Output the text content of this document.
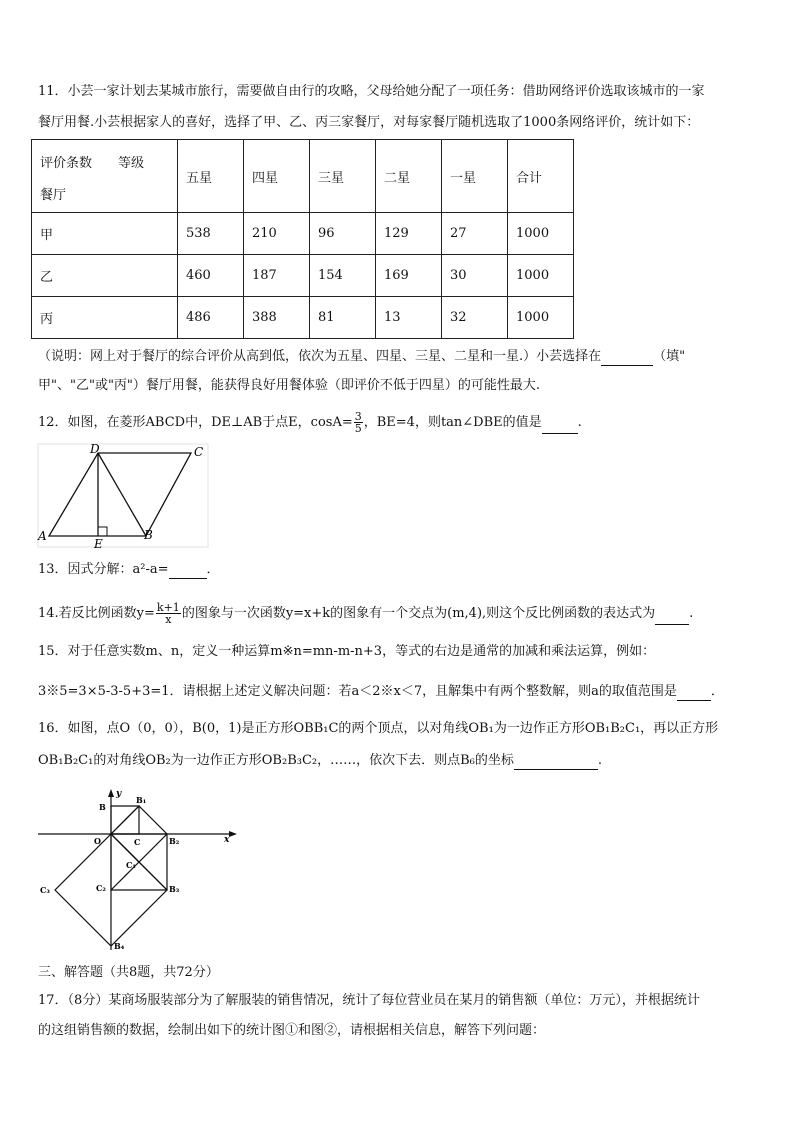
11．小芸一家计划去某城市旅行，需要做自由行的攻略，父母给她分配了一项任务：借助网络评价选取该城市的一家
餐厅用餐.小芸根据家人的喜好，选择了甲、乙、丙三家餐厅，对每家餐厅随机选取了1000条网络评价，统计如下：
评价条数　　等级
餐厅	五星	四星	三星	二星	一星	合计
甲	538	210	96	129	27	1000
乙	460	187	154	169	30	1000
丙	486	388	81	13	32	1000
（说明：网上对于餐厅的综合评价从高到低，依次为五星、四星、三星、二星和一星.）小芸选择在	（填"
甲"、"乙"或"丙"）餐厅用餐，能获得良好用餐体验（即评价不低于四星）的可能性最大.
12．如图，在菱形ABCD中，DE⊥AB于点E，$\cos A= \frac{3}{5}$ ，BE=4，则tan∠DBE的值是	.
D	C
A	B
E
13．因式分解：a²-a=	．
14.若反比例函数$y= \frac{k+1}{x}$ 的图象与一次函数y=x+k的图象有一个交点为(m,4),则这个反比例函数的表达式为	.
15．对于任意实数m、n，定义一种运算m※n=mn-m-n+3，等式的右边是通常的加减和乘法运算，例如：
3※5=3×5-3-5+3=1．请根据上述定义解决问题：若a＜2※x＜7，且解集中有两个整数解，则a的取值范围是	．
16．如图，点O（0，0），B(0，1)是正方形OBB₁C的两个顶点，以对角线OB₁为一边作正方形OB₁B₂C₁，再以正方形
OB₁B₂C₁的对角线OB₂为一边作正方形OB₂B₃C₂，……，依次下去．则点B₆的坐标	.
y
x
O
B
B₁
C	B₂
C₁
C₂	B₃
C₃
B₄
三、解答题（共8题，共72分）
17．（8分）某商场服装部分为了解服装的销售情况，统计了每位营业员在某月的销售额（单位：万元），并根据统计
的这组销售额的数据，绘制出如下的统计图①和图②，请根据相关信息，解答下列问题：
